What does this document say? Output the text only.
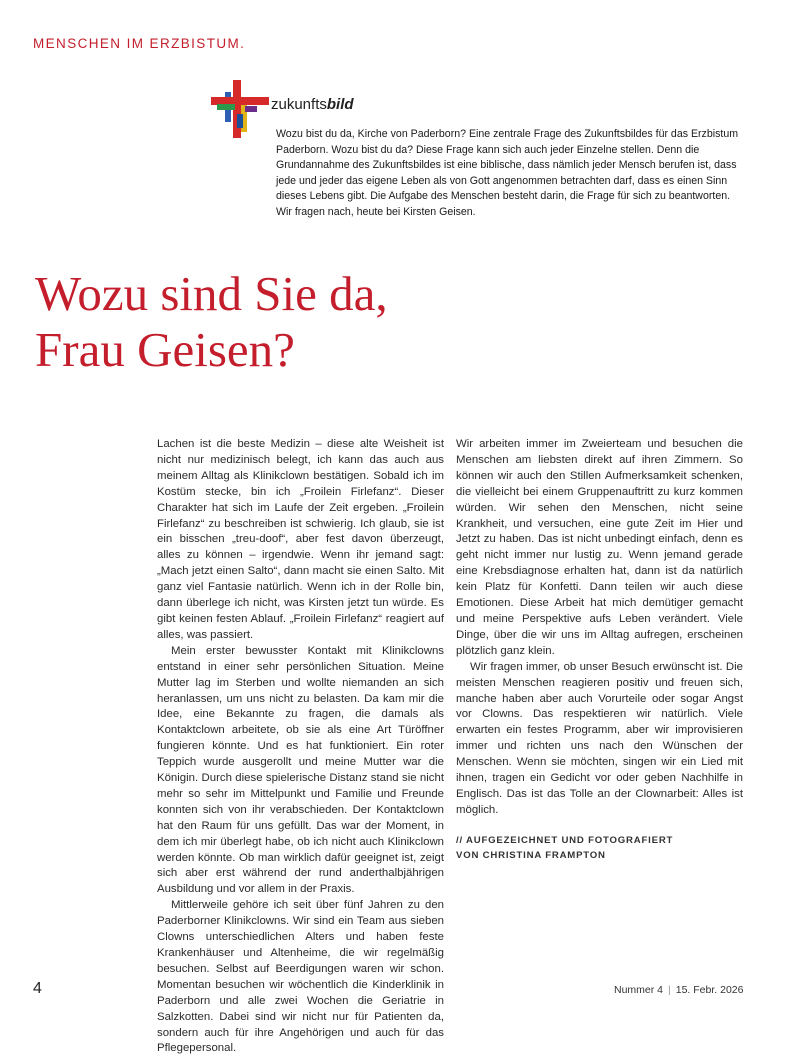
MENSCHEN IM ERZBISTUM.
zukunftsbild
Wozu bist du da, Kirche von Paderborn? Eine zentrale Frage des Zukunftsbildes für das Erzbistum Paderborn. Wozu bist du da? Diese Frage kann sich auch jeder Einzelne stellen. Denn die Grundannahme des Zukunftsbildes ist eine biblische, dass nämlich jeder Mensch berufen ist, dass jede und jeder das eigene Leben als von Gott angenommen betrachten darf, dass es einen Sinn dieses Lebens gibt. Die Aufgabe des Menschen besteht darin, die Frage für sich zu beantworten. Wir fragen nach, heute bei Kirsten Geisen.
Wozu sind Sie da,
Frau Geisen?

Lachen ist die beste Medizin – diese alte Weisheit ist nicht nur medizinisch belegt, ich kann das auch aus meinem Alltag als Klinikclown bestätigen. Sobald ich im Kostüm stecke, bin ich „Froilein Firlefanz“. Dieser Charakter hat sich im Laufe der Zeit ergeben. „Froilein Firlefanz“ zu beschreiben ist schwierig. Ich glaub, sie ist ein bisschen „treu-doof“, aber fest davon überzeugt, alles zu können – irgendwie. Wenn ihr jemand sagt: „Mach jetzt einen Salto“, dann macht sie einen Salto. Mit ganz viel Fantasie natürlich. Wenn ich in der Rolle bin, dann überlege ich nicht, was Kirsten jetzt tun würde. Es gibt keinen festen Ablauf. „Froilein Firlefanz“ reagiert auf alles, was passiert.

Mein erster bewusster Kontakt mit Klinikclowns entstand in einer sehr persönlichen Situation. Meine Mutter lag im Sterben und wollte niemanden an sich heranlassen, um uns nicht zu belasten. Da kam mir die Idee, eine Bekannte zu fragen, die damals als Kontaktclown arbeitete, ob sie als eine Art Türöffner fungieren könnte. Und es hat funktioniert. Ein roter Teppich wurde ausgerollt und meine Mutter war die Königin. Durch diese spielerische Distanz stand sie nicht mehr so sehr im Mittelpunkt und Familie und Freunde konnten sich von ihr verabschieden. Der Kontaktclown hat den Raum für uns gefüllt. Das war der Moment, in dem ich mir überlegt habe, ob ich nicht auch Klinikclown werden könnte. Ob man wirklich dafür geeignet ist, zeigt sich aber erst während der rund anderthalbjährigen Ausbildung und vor allem in der Praxis.

Mittlerweile gehöre ich seit über fünf Jahren zu den Paderborner Klinikclowns. Wir sind ein Team aus sieben Clowns unterschiedlichen Alters und haben feste Krankenhäuser und Altenheime, die wir regelmäßig besuchen. Selbst auf Beerdigungen waren wir schon. Momentan besuchen wir wöchentlich die Kinderklinik in Paderborn und alle zwei Wochen die Geriatrie in Salzkotten. Dabei sind wir nicht nur für Patienten da, sondern auch für ihre Angehörigen und auch für das Pflegepersonal.

Wir arbeiten immer im Zweierteam und besuchen die Menschen am liebsten direkt auf ihren Zimmern. So können wir auch den Stillen Aufmerksamkeit schenken, die vielleicht bei einem Gruppenauftritt zu kurz kommen würden. Wir sehen den Menschen, nicht seine Krankheit, und versuchen, eine gute Zeit im Hier und Jetzt zu haben. Das ist nicht unbedingt einfach, denn es geht nicht immer nur lustig zu. Wenn jemand gerade eine Krebsdiagnose erhalten hat, dann ist da natürlich kein Platz für Konfetti. Dann teilen wir auch diese Emotionen. Diese Arbeit hat mich demütiger gemacht und meine Perspektive aufs Leben verändert. Viele Dinge, über die wir uns im Alltag aufregen, erscheinen plötzlich ganz klein.

Wir fragen immer, ob unser Besuch erwünscht ist. Die meisten Menschen reagieren positiv und freuen sich, manche haben aber auch Vorurteile oder sogar Angst vor Clowns. Das respektieren wir natürlich. Viele erwarten ein festes Programm, aber wir improvisieren immer und richten uns nach den Wünschen der Menschen. Wenn sie möchten, singen wir ein Lied mit ihnen, tragen ein Gedicht vor oder geben Nachhilfe in Englisch. Das ist das Tolle an der Clownarbeit: Alles ist möglich.

// AUFGEZEICHNET UND FOTOGRAFIERT
VON CHRISTINA FRAMPTON
4	Nummer 4 | 15. Febr. 2026
